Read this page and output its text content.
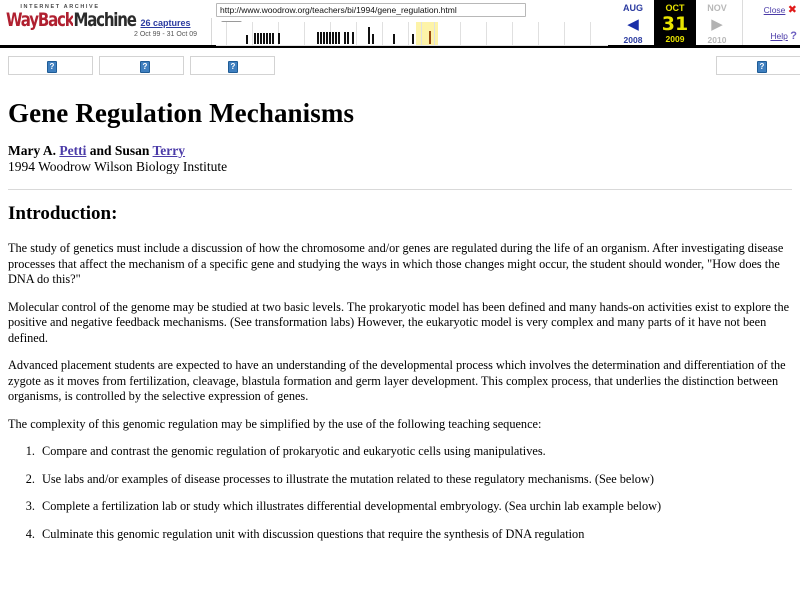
INTERNET ARCHIVE
WayBackMachine 26 captures
2 Oct 99 - 31 Oct 09
http://www.woodrow.org/teachers/bi/1994/gene_regulation.html
AUG
◀
2008
OCT
31
2009
NOV
▶
2010
Close ✖
Help ?
?
?
?
?
Gene Regulation Mechanisms

Mary A. Petti and Susan Terry

1994 Woodrow Wilson Biology Institute

Introduction:

The study of genetics must include a discussion of how the chromosome and/or genes are regulated during the life of an organism. After investigating disease processes that affect the mechanism of a specific gene and studying the ways in which those changes might occur, the student should wonder, "How does the DNA do this?"

Molecular control of the genome may be studied at two basic levels. The prokaryotic model has been defined and many hands-on activities exist to explore the positive and negative feedback mechanisms. (See transformation labs) However, the eukaryotic model is very complex and many parts of it have not been defined.

Advanced placement students are expected to have an understanding of the developmental process which involves the determination and differentiation of the zygote as it moves from fertilization, cleavage, blastula formation and germ layer development. This complex process, that underlies the distinction between organisms, is controlled by the selective expression of genes.

The complexity of this genomic regulation may be simplified by the use of the following teaching sequence:

1. Compare and contrast the genomic regulation of prokaryotic and eukaryotic cells using manipulatives.
2. Use labs and/or examples of disease processes to illustrate the mutation related to these regulatory mechanisms. (See below)
3. Complete a fertilization lab or study which illustrates differential developmental embryology. (Sea urchin lab example below)
4. Culminate this genomic regulation unit with discussion questions that require the synthesis of DNA regulation
